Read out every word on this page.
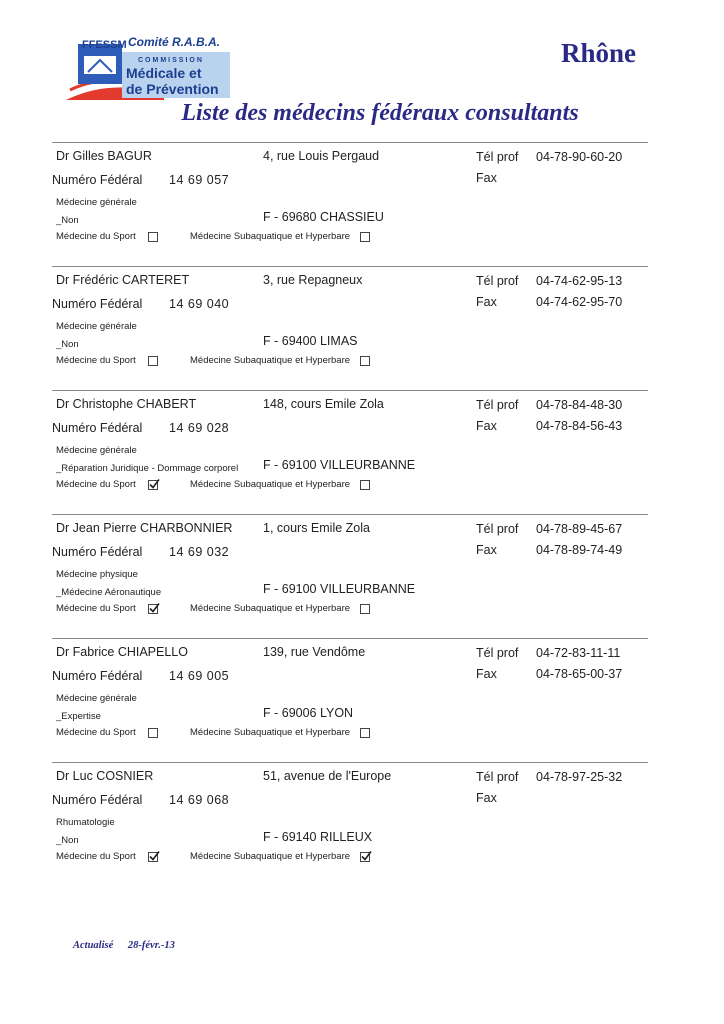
FFESSM Comité R.A.B.A.
COMMISSION
Médicale et
de Prévention
Rhône
Liste des médecins fédéraux consultants
Dr Gilles BAGUR	4, rue Louis Pergaud	Tél prof 04-78-90-60-20
Fax
Numéro Fédéral 14 69 057
Médecine générale
_Non	F - 69680 CHASSIEU
Médecine du Sport	Médecine Subaquatique et Hyperbare
Dr Frédéric CARTERET	3, rue Repagneux	Tél prof 04-74-62-95-13
Fax	04-74-62-95-70
Numéro Fédéral 14 69 040
Médecine générale
_Non	F - 69400 LIMAS
Médecine du Sport	Médecine Subaquatique et Hyperbare
Dr Christophe CHABERT	148, cours Emile Zola	Tél prof 04-78-84-48-30
Fax	04-78-84-56-43
Numéro Fédéral 14 69 028
Médecine générale
_Réparation Juridique - Dommage corporel F - 69100 VILLEURBANNE
Médecine du Sport	Médecine Subaquatique et Hyperbare
Dr Jean Pierre CHARBONNIER 1, cours Emile Zola	Tél prof 04-78-89-45-67
Fax	04-78-89-74-49
Numéro Fédéral 14 69 032
Médecine physique
_Médecine Aéronautique	F - 69100 VILLEURBANNE
Médecine du Sport	Médecine Subaquatique et Hyperbare
Dr Fabrice CHIAPELLO	139, rue Vendôme	Tél prof 04-72-83-11-11
Fax	04-78-65-00-37
Numéro Fédéral 14 69 005
Médecine générale
_Expertise	F - 69006 LYON
Médecine du Sport	Médecine Subaquatique et Hyperbare
Dr Luc COSNIER	51, avenue de l'Europe	Tél prof 04-78-97-25-32
Fax
Numéro Fédéral 14 69 068
Rhumatologie
_Non	F - 69140 RILLEUX
Médecine du Sport	Médecine Subaquatique et Hyperbare
Actualisé 28-févr.-13
